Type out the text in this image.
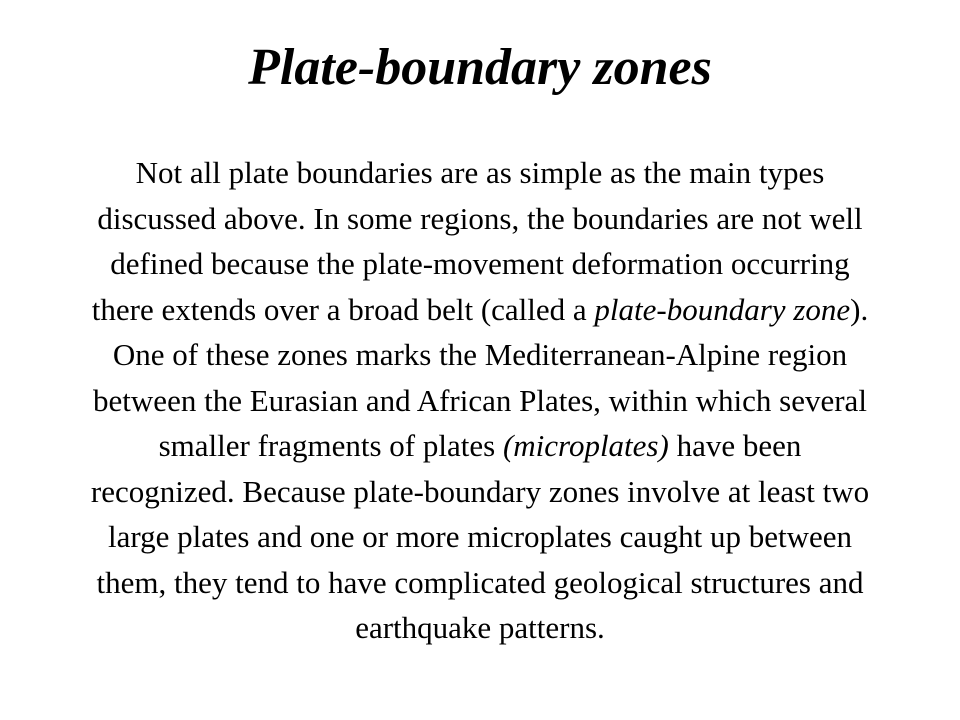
Plate-boundary zones
Not all plate boundaries are as simple as the main types
discussed above. In some regions, the boundaries are not well
defined because the plate-movement deformation occurring
there extends over a broad belt (called a plate-boundary zone).
One of these zones marks the Mediterranean-Alpine region
between the Eurasian and African Plates, within which several
smaller fragments of plates (microplates) have been
recognized. Because plate-boundary zones involve at least two
large plates and one or more microplates caught up between
them, they tend to have complicated geological structures and
earthquake patterns.
